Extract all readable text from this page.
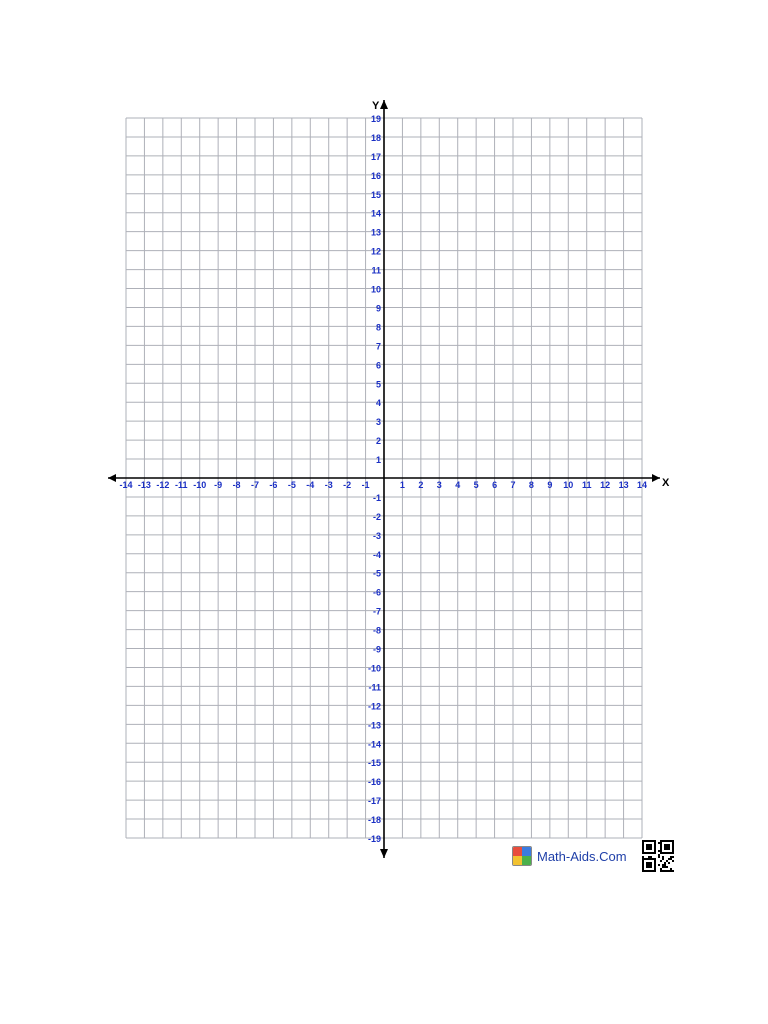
-14 -13 -12 -11 -10 -9 -8 -7 -6 -5 -4 -3 -2 -1	1 2 3 4 5 6 7 8 9 10 11 12 13 14
19
18
17
16
15
14
13
12
11
10
9
8
7
6
5
4
3
2
1
-1
-2
-3
-4
-5
-6
-7
-8
-9
-10
-11
-12
-13
-14
-15
-16
-17
-18
-19
X
Y
Math-Aids.Com
